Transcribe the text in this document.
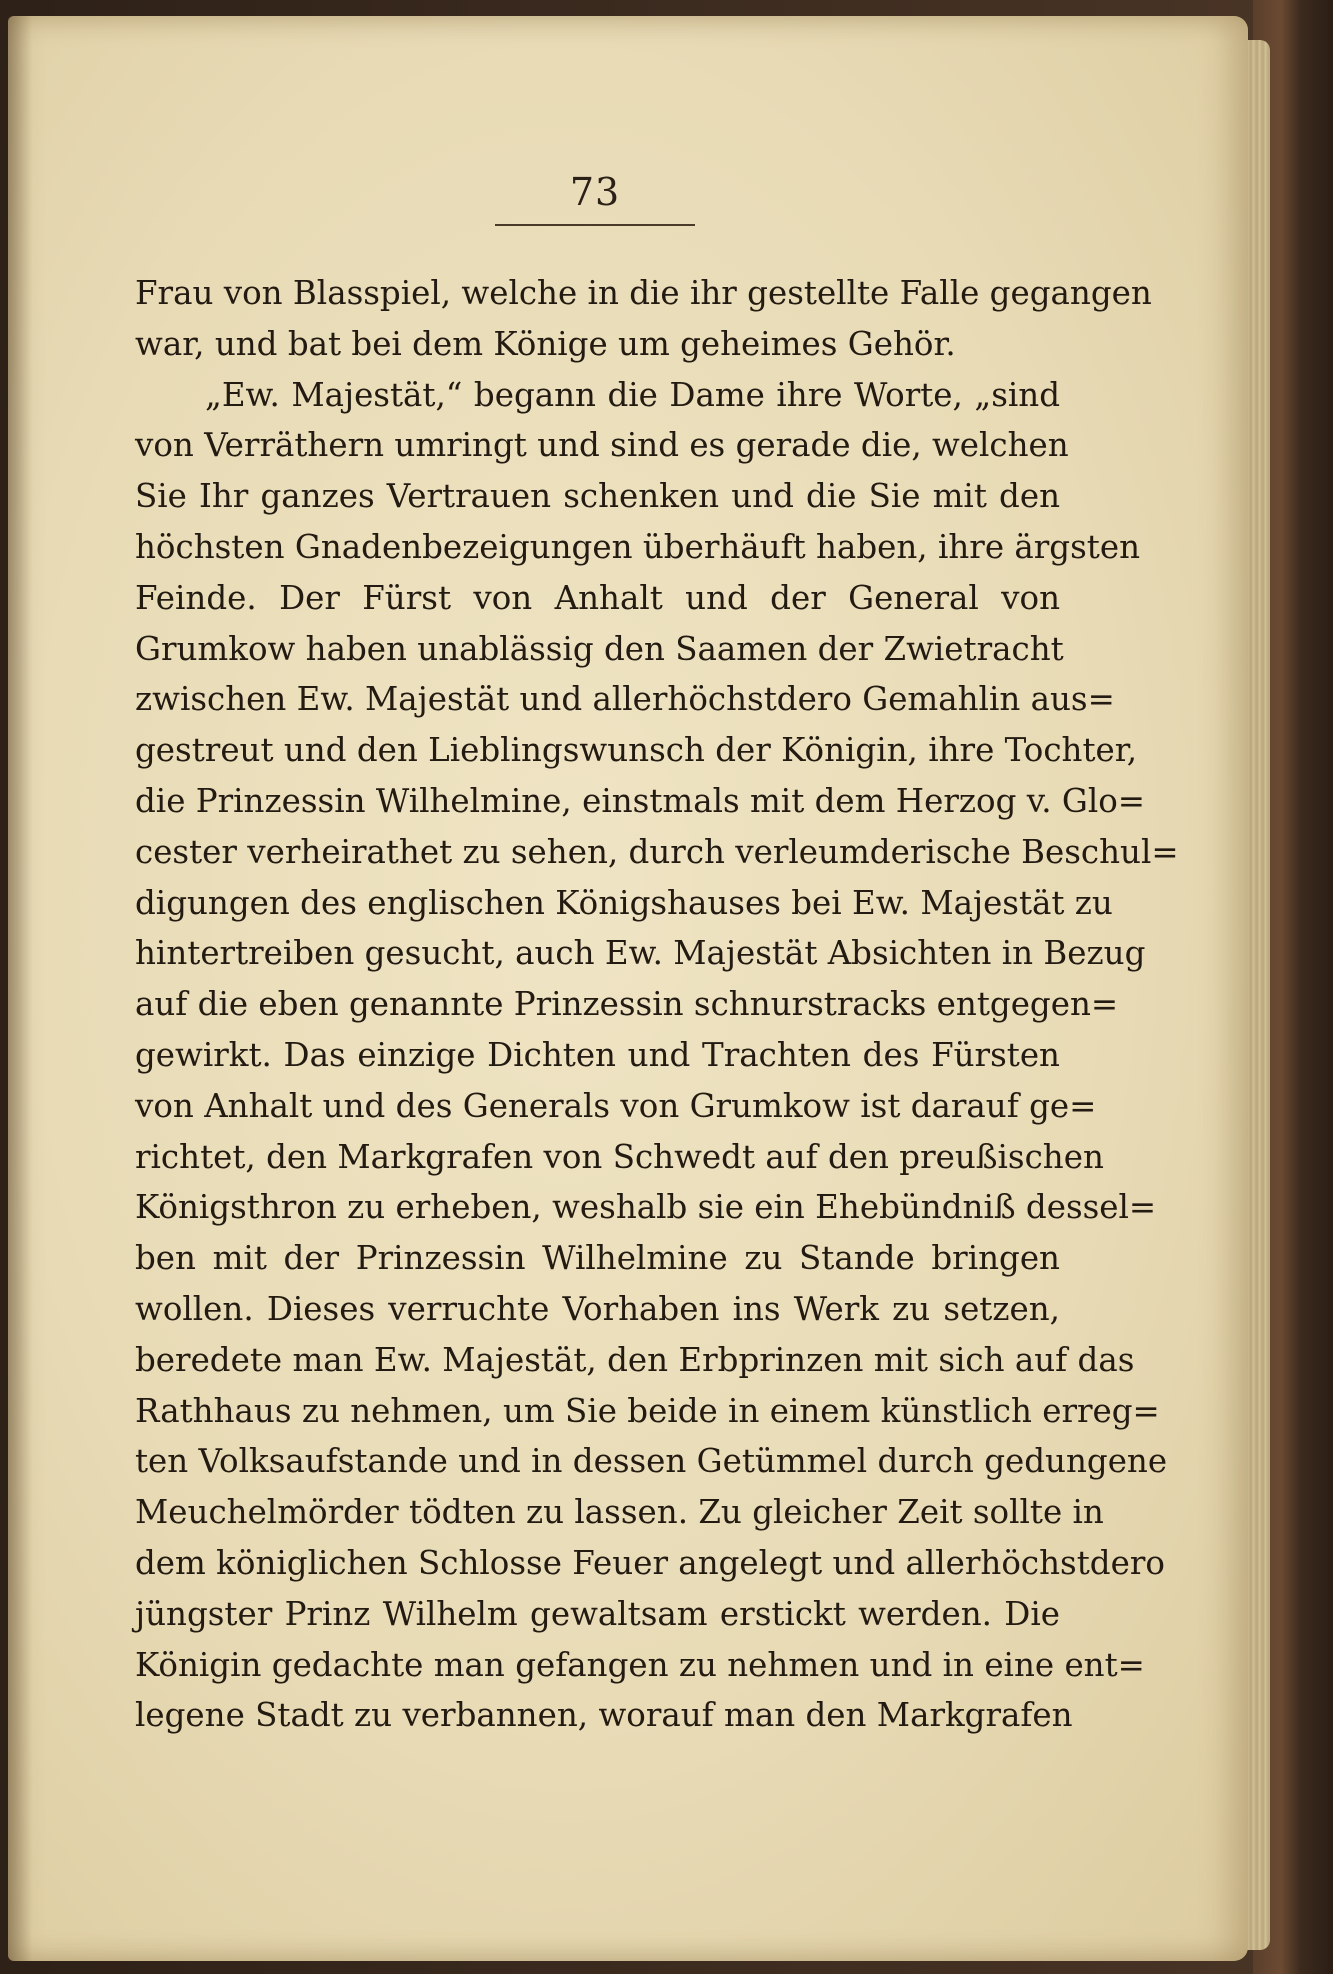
73
Frau von Blasspiel, welche in die ihr gestellte Falle gegangen
war, und bat bei dem Könige um geheimes Gehör.
„Ew. Majestät,“ begann die Dame ihre Worte, „sind
von Verräthern umringt und sind es gerade die, welchen
Sie Ihr ganzes Vertrauen schenken und die Sie mit den
höchsten Gnadenbezeigungen überhäuft haben, ihre ärgsten
Feinde. Der Fürst von Anhalt und der General von
Grumkow haben unablässig den Saamen der Zwietracht
zwischen Ew. Majestät und allerhöchstdero Gemahlin aus=
gestreut und den Lieblingswunsch der Königin, ihre Tochter,
die Prinzessin Wilhelmine, einstmals mit dem Herzog v. Glo=
cester verheirathet zu sehen, durch verleumderische Beschul=
digungen des englischen Königshauses bei Ew. Majestät zu
hintertreiben gesucht, auch Ew. Majestät Absichten in Bezug
auf die eben genannte Prinzessin schnurstracks entgegen=
gewirkt. Das einzige Dichten und Trachten des Fürsten
von Anhalt und des Generals von Grumkow ist darauf ge=
richtet, den Markgrafen von Schwedt auf den preußischen
Königsthron zu erheben, weshalb sie ein Ehebündniß dessel=
ben mit der Prinzessin Wilhelmine zu Stande bringen
wollen. Dieses verruchte Vorhaben ins Werk zu setzen,
beredete man Ew. Majestät, den Erbprinzen mit sich auf das
Rathhaus zu nehmen, um Sie beide in einem künstlich erreg=
ten Volksaufstande und in dessen Getümmel durch gedungene
Meuchelmörder tödten zu lassen. Zu gleicher Zeit sollte in
dem königlichen Schlosse Feuer angelegt und allerhöchstdero
jüngster Prinz Wilhelm gewaltsam erstickt werden. Die
Königin gedachte man gefangen zu nehmen und in eine ent=
legene Stadt zu verbannen, worauf man den Markgrafen
